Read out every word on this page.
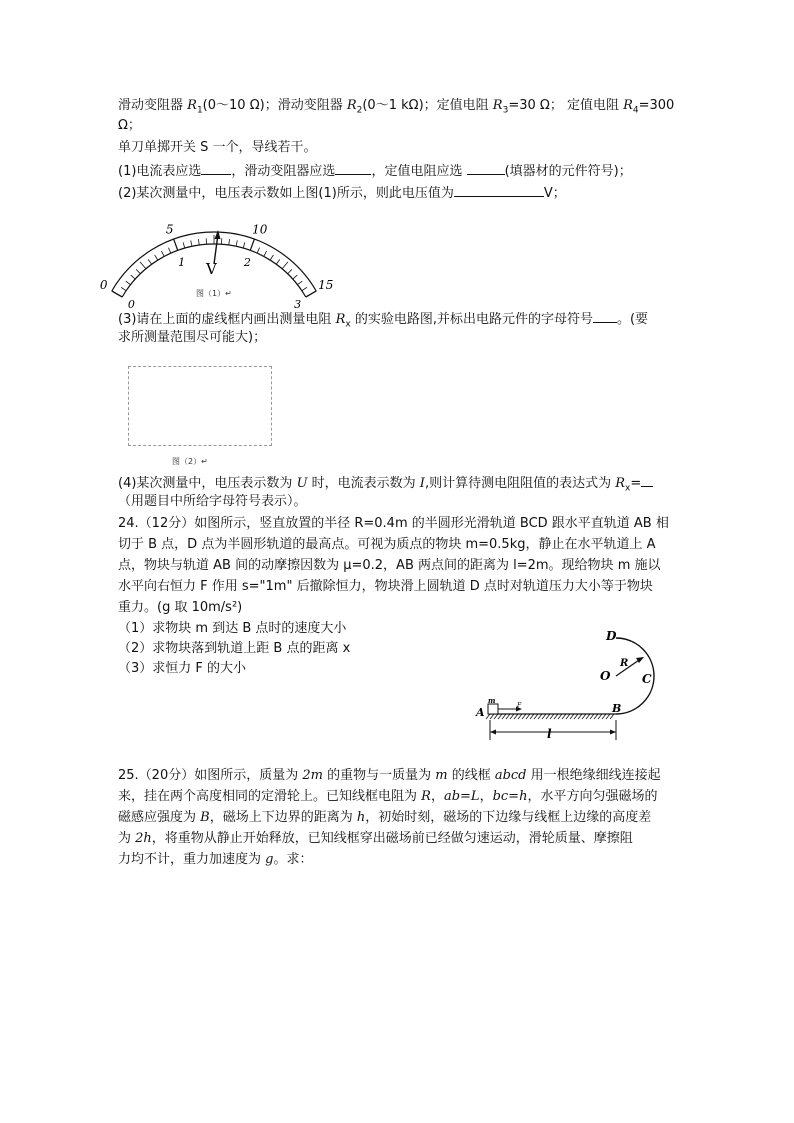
滑动变阻器 $R_1(0\sim 10$ Ω)；滑动变阻器 $R_2(0\sim 1$ kΩ)；定值电阻 $R_3=30$ Ω； 定值电阻 $R_4=300$
Ω；
单刀单掷开关 S 一个，导线若干。
(1)电流表应选 ，滑动变阻器应选	，定值电阻应选	(填器材的元件符号)；
(2)某次测量中，电压表示数如上图(1)所示，则此电压值为	V；
0
5	10
15
0
1	2
3
V
图（1）↵
(3)请在上面的虚线框内画出测量电阻 $R_x$ 的实验电路图,并标出电路元件的字母符号 。(要
求所测量范围尽可能大)；
图（2）↵
(4)某次测量中，电压表示数为 U 时，电流表示数为 I,则计算待测电阻阻值的表达式为 $R_x=$
（用题目中所给字母符号表示）。
24.（12分）如图所示，竖直放置的半径 R=0.4m 的半圆形光滑轨道 BCD 跟水平直轨道 AB 相
切于 B 点，D 点为半圆形轨道的最高点。可视为质点的物块 m=0.5kg，静止在水平轨道上 A
点，物块与轨道 AB 间的动摩擦因数为 μ=0.2，AB 两点间的距离为 l=2m。现给物块 m 施以
水平向右恒力 F 作用 s="1m" 后撤除恒力，物块滑上圆轨道 D 点时对轨道压力大小等于物块
重力。(g 取 10m/s²)
（1）求物块 m 到达 B 点时的速度大小
（2）求物块落到轨道上距 B 点的距离 x
（3）求恒力 F 的大小
D
O
R
C
A	B
m
F
l
25.（20分）如图所示，质量为 2m 的重物与一质量为 m 的线框 abcd 用一根绝缘细线连接起
来，挂在两个高度相同的定滑轮上。已知线框电阻为 R，ab=L，bc=h，水平方向匀强磁场的
磁感应强度为 B，磁场上下边界的距离为 h，初始时刻，磁场的下边缘与线框上边缘的高度差
为 2h，将重物从静止开始释放，已知线框穿出磁场前已经做匀速运动，滑轮质量、摩擦阻
力均不计，重力加速度为 g。求：
